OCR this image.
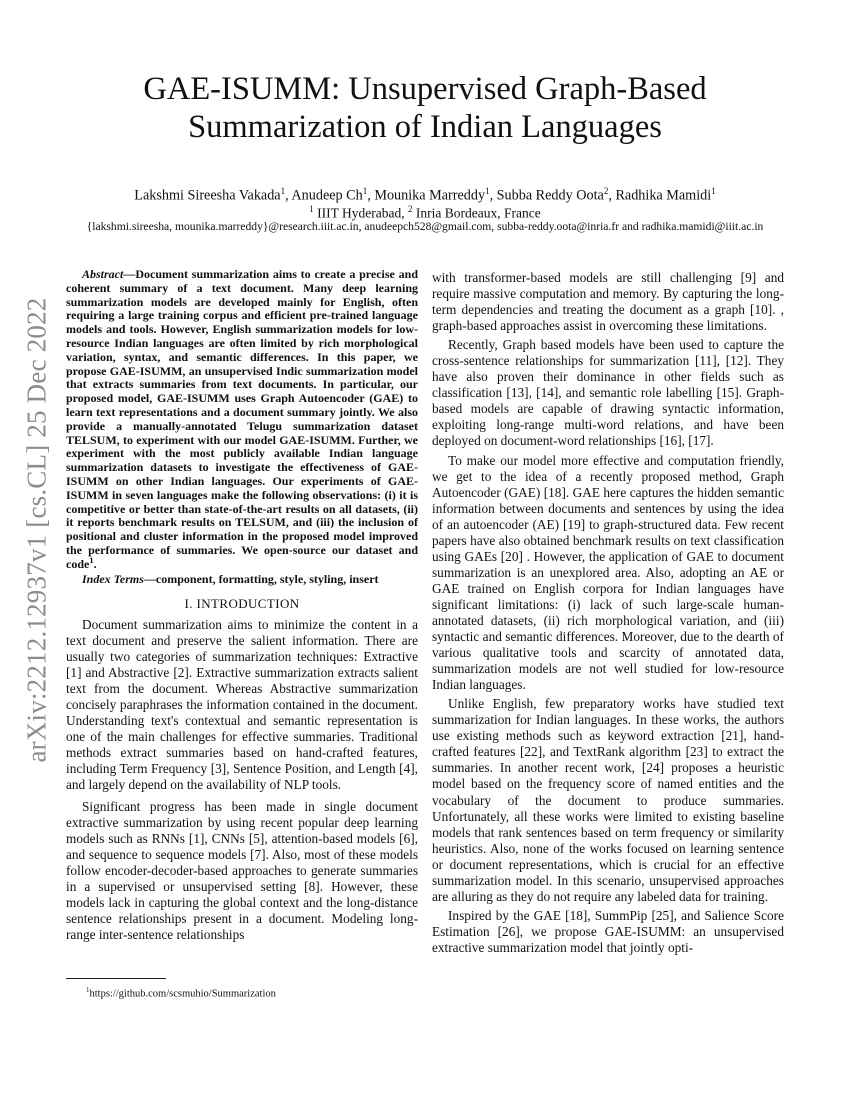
arXiv:2212.12937v1 [cs.CL] 25 Dec 2022
GAE-ISUMM: Unsupervised Graph-Based
Summarization of Indian Languages
Lakshmi Sireesha Vakada$^1$, Anudeep Ch$^1$, Mounika Marreddy$^1$, Subba Reddy Oota$^2$, Radhika Mamidi$^1$
$^1$ IIIT Hyderabad, $^2$ Inria Bordeaux, France
{lakshmi.sireesha, mounika.marreddy}@research.iiit.ac.in, anudeepch528@gmail.com, subba-reddy.oota@inria.fr and radhika.mamidi@iiit.ac.in

Abstract—Document summarization aims to create a precise and coherent summary of a text document. Many deep learning summarization models are developed mainly for English, often requiring a large training corpus and efficient pre-trained language models and tools. However, English summarization models for low-resource Indian languages are often limited by rich morphological variation, syntax, and semantic differences. In this paper, we propose GAE-ISUMM, an unsupervised Indic summarization model that extracts summaries from text documents. In particular, our proposed model, GAE-ISUMM uses Graph Autoencoder (GAE) to learn text representations and a document summary jointly. We also provide a manually-annotated Telugu summarization dataset TELSUM, to experiment with our model GAE-ISUMM. Further, we experiment with the most publicly available Indian language summarization datasets to investigate the effectiveness of GAE-ISUMM on other Indian languages. Our experiments of GAE-ISUMM in seven languages make the following observations: (i) it is competitive or better than state-of-the-art results on all datasets, (ii) it reports benchmark results on TELSUM, and (iii) the inclusion of positional and cluster information in the proposed model improved the performance of summaries. We open-source our dataset and code$^1$.

Index Terms—component, formatting, style, styling, insert

I. INTRODUCTION

Document summarization aims to minimize the content in a text document and preserve the salient information. There are usually two categories of summarization techniques: Extractive [1] and Abstractive [2]. Extractive summarization extracts salient text from the document. Whereas Abstractive summarization concisely paraphrases the information contained in the document. Understanding text's contextual and semantic representation is one of the main challenges for effective summaries. Traditional methods extract summaries based on hand-crafted features, including Term Frequency [3], Sentence Position, and Length [4], and largely depend on the availability of NLP tools.

Significant progress has been made in single document extractive summarization by using recent popular deep learning models such as RNNs [1], CNNs [5], attention-based models [6], and sequence to sequence models [7]. Also, most of these models follow encoder-decoder-based approaches to generate summaries in a supervised or unsupervised setting [8]. However, these models lack in capturing the global context and the long-distance sentence relationships present in a document. Modeling long-range inter-sentence relationships

with transformer-based models are still challenging [9] and require massive computation and memory. By capturing the long-term dependencies and treating the document as a graph [10]. , graph-based approaches assist in overcoming these limitations.

Recently, Graph based models have been used to capture the cross-sentence relationships for summarization [11], [12]. They have also proven their dominance in other fields such as classification [13], [14], and semantic role labelling [15]. Graph-based models are capable of drawing syntactic information, exploiting long-range multi-word relations, and have been deployed on document-word relationships [16], [17].

To make our model more effective and computation friendly, we get to the idea of a recently proposed method, Graph Autoencoder (GAE) [18]. GAE here captures the hidden semantic information between documents and sentences by using the idea of an autoencoder (AE) [19] to graph-structured data. Few recent papers have also obtained benchmark results on text classification using GAEs [20] . However, the application of GAE to document summarization is an unexplored area. Also, adopting an AE or GAE trained on English corpora for Indian languages have significant limitations: (i) lack of such large-scale human-annotated datasets, (ii) rich morphological variation, and (iii) syntactic and semantic differences. Moreover, due to the dearth of various qualitative tools and scarcity of annotated data, summarization models are not well studied for low-resource Indian languages.

Unlike English, few preparatory works have studied text summarization for Indian languages. In these works, the authors use existing methods such as keyword extraction [21], hand-crafted features [22], and TextRank algorithm [23] to extract the summaries. In another recent work, [24] proposes a heuristic model based on the frequency score of named entities and the vocabulary of the document to produce summaries. Unfortunately, all these works were limited to existing baseline models that rank sentences based on term frequency or similarity heuristics. Also, none of the works focused on learning sentence or document representations, which is crucial for an effective summarization model. In this scenario, unsupervised approaches are alluring as they do not require any labeled data for training.

Inspired by the GAE [18], SummPip [25], and Salience Score Estimation [26], we propose GAE-ISUMM: an unsupervised extractive summarization model that jointly opti-

$^1$https://github.com/scsmuhio/Summarization
